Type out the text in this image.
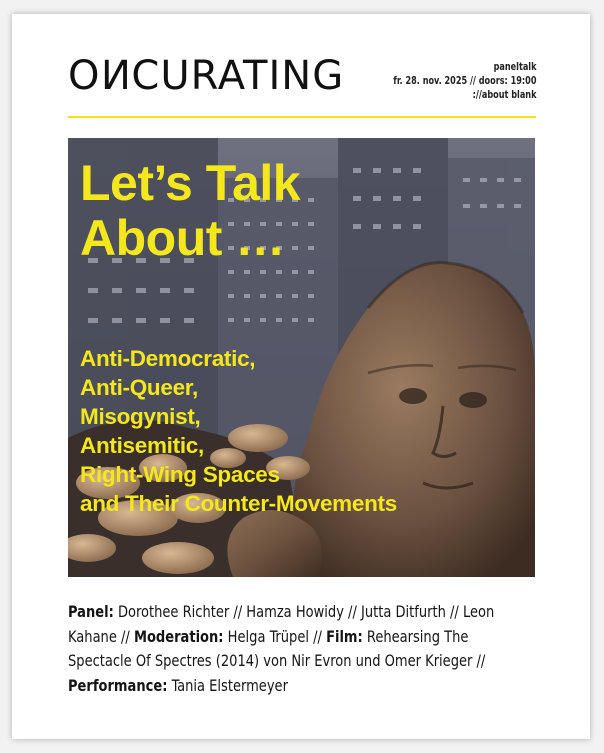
ONCURATING	paneltalk
fr. 28. nov. 2025 // doors: 19:00
://about blank
Let’s Talk
About …
Anti-Democratic,
Anti-Queer,
Misogynist,
Antisemitic,
Right-Wing Spaces
and Their Counter-Movements
Panel: Dorothee Richter // Hamza Howidy // Jutta Ditfurth // Leon Kahane // Moderation: Helga Trüpel // Film: Rehearsing The Spectacle Of Spectres (2014) von Nir Evron und Omer Krieger // Performance: Tania Elstermeyer
